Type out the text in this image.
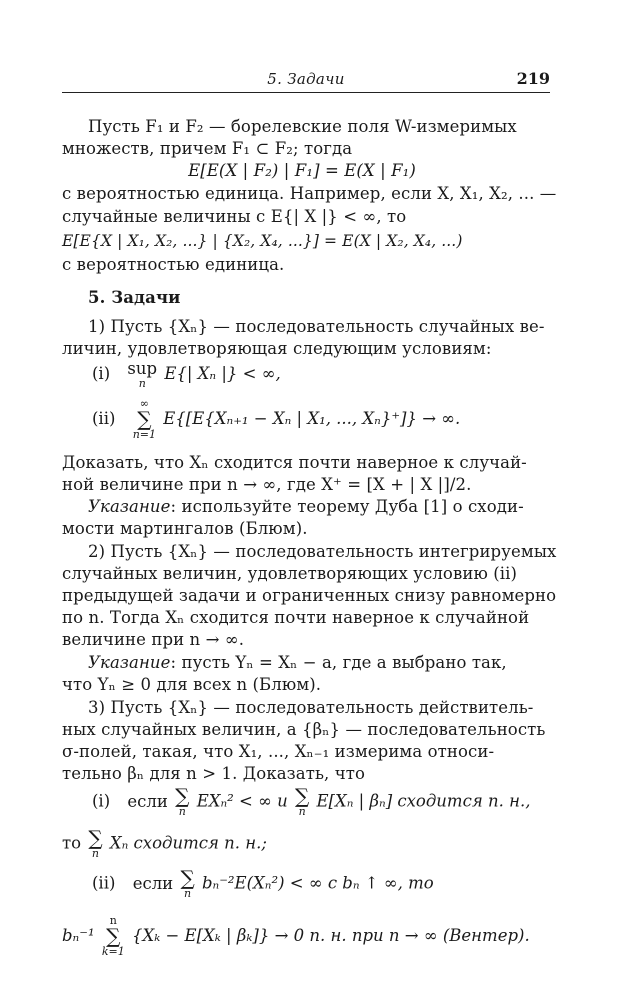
5. Задачи	219
Пусть F₁ и F₂ — борелевские поля W-измеримых
множеств, причем F₁ ⊂ F₂; тогда
E[E(X | F₂) | F₁] = E(X | F₁)
с вероятностью единица. Например, если X, X₁, X₂, ... —
случайные величины с E{| X |} < ∞, то
E[E{X | X₁, X₂, ...} | {X₂, X₄, ...}] = E(X | X₂, X₄, ...)
с вероятностью единица.
5. Задачи
1) Пусть {Xₙ} — последовательность случайных ве-
личин, удовлетворяющая следующим условиям:
(i) sup
n
E{| Xₙ |} < ∞,
(ii)
∞
∑
n=1
E{[E{Xₙ₊₁ − Xₙ | X₁, ..., Xₙ}⁺]} → ∞.
Доказать, что Xₙ сходится почти наверное к случай-
ной величине при n → ∞, где X⁺ = [X + | X |]/2.
Указание: используйте теорему Дуба [1] о сходи-
мости мартингалов (Блюм).
2) Пусть {Xₙ} — последовательность интегрируемых
случайных величин, удовлетворяющих условию (ii)
предыдущей задачи и ограниченных снизу равномерно
по n. Тогда Xₙ сходится почти наверное к случайной
величине при n → ∞.
Указание: пусть Yₙ = Xₙ − a, где a выбрано так,
что Yₙ ≥ 0 для всех n (Блюм).
3) Пусть {Xₙ} — последовательность действитель-
ных случайных величин, а {βₙ} — последовательность
σ-полей, такая, что X₁, ..., Xₙ₋₁ измерима относи-
тельно βₙ для n > 1. Доказать, что
(i) если ∑
n
EXₙ² < ∞ и ∑
n
E[Xₙ | βₙ] сходится п. н.,
то ∑
n
Xₙ сходится п. н.;
(ii) если ∑
n
bₙ⁻²E(Xₙ²) < ∞ с bₙ ↑ ∞, то
bₙ⁻¹
n
∑
k=1
{Xₖ − E[Xₖ | βₖ]} → 0 п. н. при n → ∞ (Вентер).
